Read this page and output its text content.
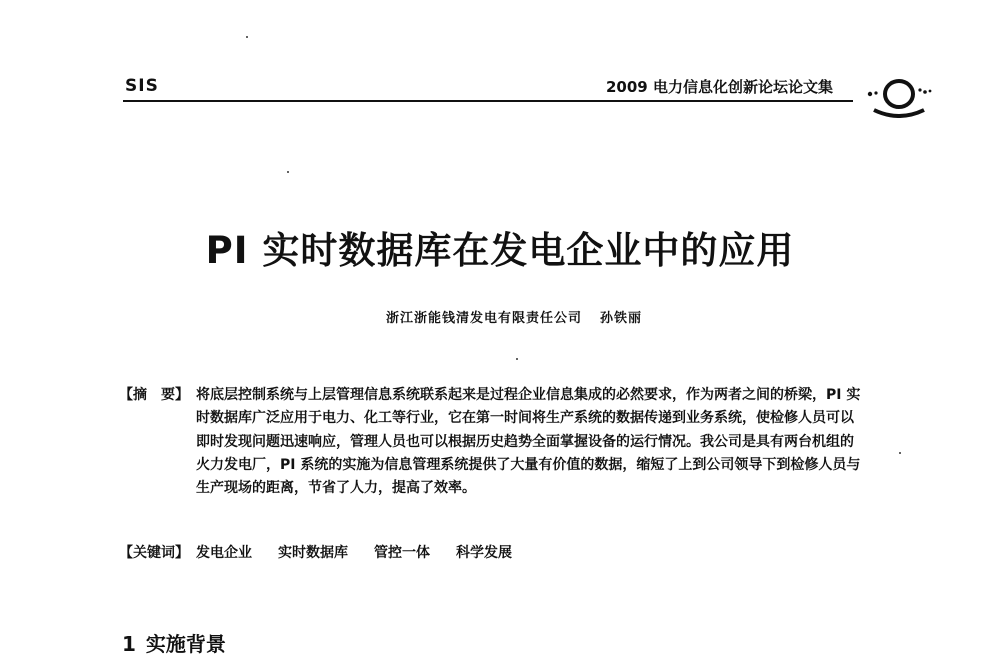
SIS	2009 电力信息化创新论坛论文集
PI 实时数据库在发电企业中的应用
浙江浙能钱清发电有限责任公司 孙铁丽
【摘　要】 将底层控制系统与上层管理信息系统联系起来是过程企业信息集成的必然要求，作为两者之间的桥梁，PI 实时数据库广泛应用于电力、化工等行业，它在第一时间将生产系统的数据传递到业务系统，使检修人员可以即时发现问题迅速响应，管理人员也可以根据历史趋势全面掌握设备的运行情况。我公司是具有两台机组的火力发电厂，PI 系统的实施为信息管理系统提供了大量有价值的数据，缩短了上到公司领导下到检修人员与生产现场的距离，节省了人力，提高了效率。
【关键词】 发电企业 实时数据库 管控一体 科学发展
1 实施背景
